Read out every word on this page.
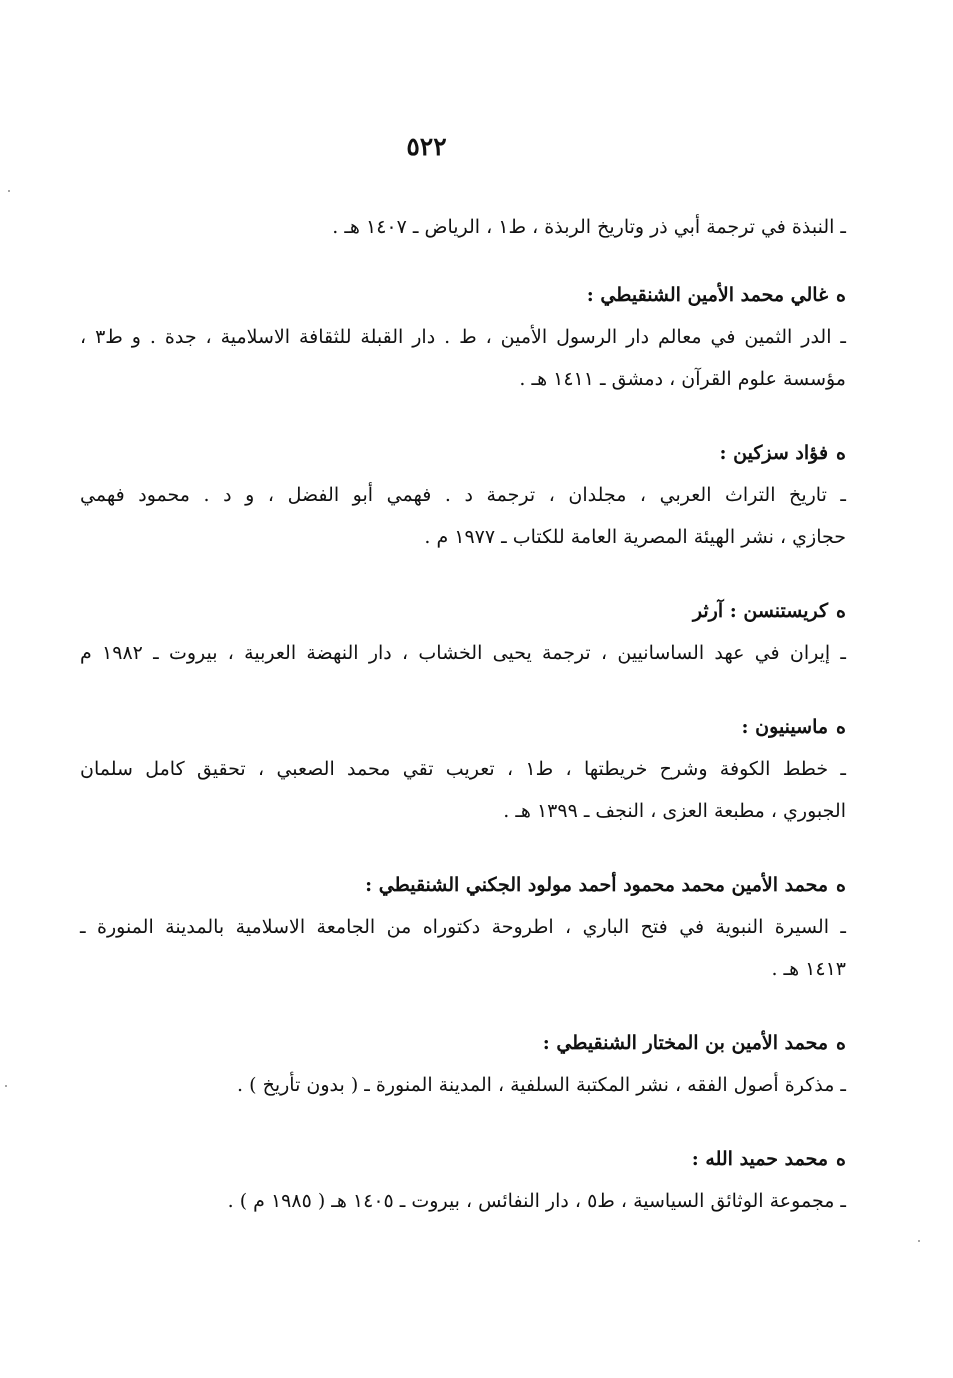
٥٢٢

ـ النبذة في ترجمة أبي ذر وتاريخ الربذة ، ط١ ، الرياض ـ ١٤٠٧ هـ .

هغالي محمد الأمين الشنقيطي :

ـ الدر الثمين في معالم دار الرسول الأمين ، ط . دار القبلة للثقافة الاسلامية ، جدة . و ط٣ ،

مؤسسة علوم القرآن ، دمشق ـ ١٤١١ هـ .

هفؤاد سزكين :

ـ تاريخ التراث العربي ، مجلدان ، ترجمة د . فهمي أبو الفضل ، و د . محمود فهمي

حجازي ، نشر الهيئة المصرية العامة للكتاب ـ ١٩٧٧ م .

هكريستنسن : آرثر

ـ إيران في عهد الساسانيين ، ترجمة يحيى الخشاب ، دار النهضة العربية ، بيروت ـ ١٩٨٢ م

هماسينيون :

ـ خطط الكوفة وشرح خريطتها ، ط١ ، تعريب تقي محمد الصعبي ، تحقيق كامل سلمان

الجبوري ، مطبعة العزى ، النجف ـ ١٣٩٩ هـ .

همحمد الأمين محمد محمود أحمد مولود الجكني الشنقيطي :

ـ السيرة النبوية في فتح الباري ، اطروحة دكتوراه من الجامعة الاسلامية بالمدينة المنورة ـ

١٤١٣ هـ .

همحمد الأمين بن المختار الشنقيطي :

ـ مذكرة أصول الفقه ، نشر المكتبة السلفية ، المدينة المنورة ـ ( بدون تأريخ ) .

همحمد حميد الله :

ـ مجموعة الوثائق السياسية ، ط٥ ، دار النفائس ، بيروت ـ ١٤٠٥ هـ ( ١٩٨٥ م ) .
